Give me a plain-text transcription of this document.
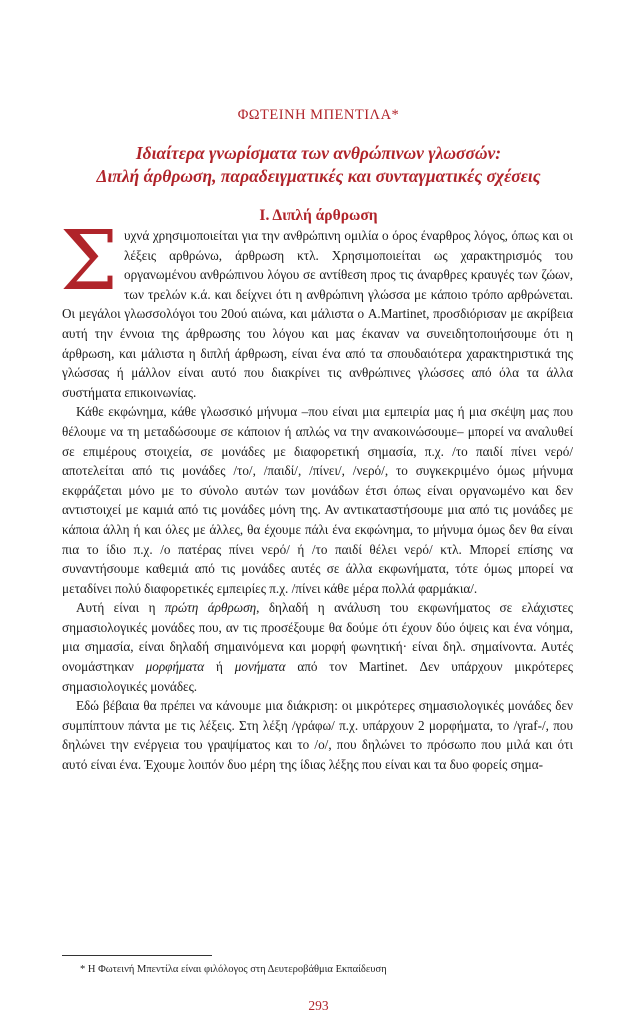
ΦΩΤΕΙΝΗ ΜΠΕΝΤΙΛΑ*
Ιδιαίτερα γνωρίσματα των ανθρώπινων γλωσσών:
Διπλή άρθρωση, παραδειγματικές και συνταγματικές σχέσεις
Ι. Διπλή άρθρωση

Συχνά χρησιμοποιείται για την ανθρώπινη ομιλία ο όρος έναρθρος λόγος, όπως και οι λέξεις αρθρώνω, άρθρωση κτλ. Χρησιμοποιείται ως χαρακτηρισμός του οργανωμένου ανθρώπινου λόγου σε αντίθεση προς τις άναρθρες κραυγές των ζώων, των τρελών κ.ά. και δείχνει ότι η ανθρώπινη γλώσσα με κάποιο τρόπο αρθρώνεται. Οι μεγάλοι γλωσσολόγοι του 20ού αιώνα, και μάλιστα ο A.Martinet, προσδιόρισαν με ακρίβεια αυτή την έννοια της άρθρωσης του λόγου και μας έκαναν να συνειδητοποιήσουμε ότι η άρθρωση, και μάλιστα η διπλή άρθρωση, είναι ένα από τα σπουδαιότερα χαρακτηριστικά της γλώσσας ή μάλλον είναι αυτό που διακρίνει τις ανθρώπινες γλώσσες από όλα τα άλλα συστήματα επικοινωνίας.

Κάθε εκφώνημα, κάθε γλωσσικό μήνυμα –που είναι μια εμπειρία μας ή μια σκέψη μας που θέλουμε να τη μεταδώσουμε σε κάποιον ή απλώς να την ανακοινώσουμε– μπορεί να αναλυθεί σε επιμέρους στοιχεία, σε μονάδες με διαφορετική σημασία, π.χ. /το παιδί πίνει νερό/ αποτελείται από τις μονάδες /το/, /παιδί/, /πίνει/, /νερό/, το συγκεκριμένο όμως μήνυμα εκφράζεται μόνο με το σύνολο αυτών των μονάδων έτσι όπως είναι οργανωμένο και δεν αντιστοιχεί με καμιά από τις μονάδες μόνη της. Αν αντικαταστήσουμε μια από τις μονάδες με κάποια άλλη ή και όλες με άλλες, θα έχουμε πάλι ένα εκφώνημα, το μήνυμα όμως δεν θα είναι πια το ίδιο π.χ. /ο πατέρας πίνει νερό/ ή /το παιδί θέλει νερό/ κτλ. Μπορεί επίσης να συναντήσουμε καθεμιά από τις μονάδες αυτές σε άλλα εκφωνήματα, τότε όμως μπορεί να μεταδίνει πολύ διαφορετικές εμπειρίες π.χ. /πίνει κάθε μέρα πολλά φαρμάκια/.

Αυτή είναι η πρώτη άρθρωση, δηλαδή η ανάλυση του εκφωνήματος σε ελάχιστες σημασιολογικές μονάδες που, αν τις προσέξουμε θα δούμε ότι έχουν δύο όψεις και ένα νόημα, μια σημασία, είναι δηλαδή σημαινόμενα και μορφή φωνητική· είναι δηλ. σημαίνοντα. Αυτές ονομάστηκαν μορφήματα ή μονήματα από τον Martinet. Δεν υπάρχουν μικρότερες σημασιολογικές μονάδες.

Εδώ βέβαια θα πρέπει να κάνουμε μια διάκριση: οι μικρότερες σημασιολογικές μονάδες δεν συμπίπτουν πάντα με τις λέξεις. Στη λέξη /γράφω/ π.χ. υπάρχουν 2 μορφήματα, το /γraf-/, που δηλώνει την ενέργεια του γραψίματος και το /ο/, που δηλώνει το πρόσωπο που μιλά και ότι αυτό είναι ένα. Έχουμε λοιπόν δυο μέρη της ίδιας λέξης που είναι και τα δυο φορείς σημα-

* Η Φωτεινή Μπεντίλα είναι φιλόλογος στη Δευτεροβάθμια Εκπαίδευση
293
